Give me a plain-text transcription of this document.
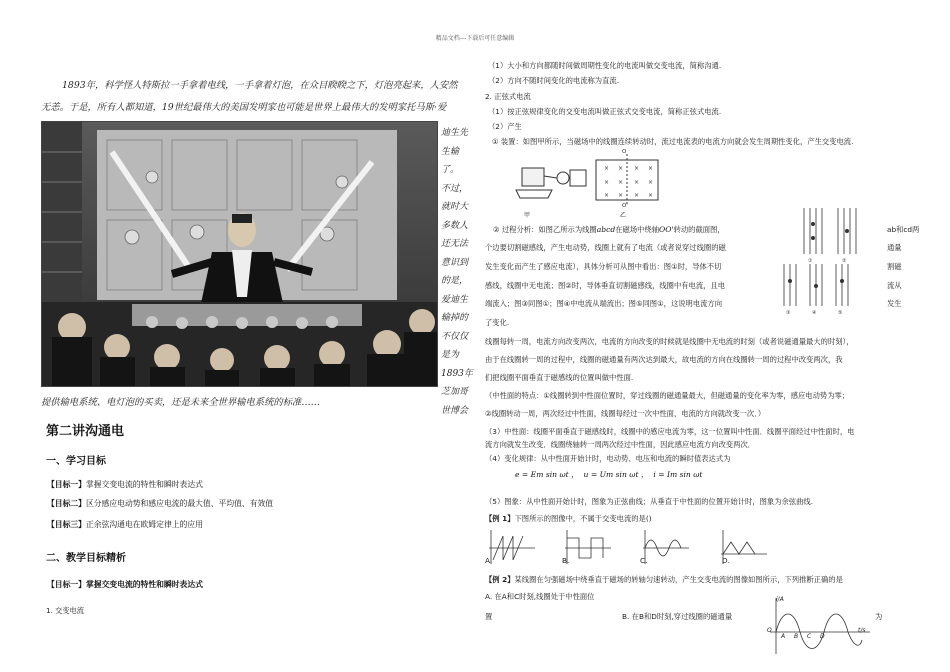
精品文档---下载后可任意编辑
1893年，科学怪人特斯拉一手拿着电线，一手拿着灯泡，在众目睽睽之下，灯泡亮起来，人安然
无恙。于是，所有人都知道，19世纪最伟大的美国发明家也可能是世界上最伟大的发明家托马斯·爱
迪生先
生输了。
不过，
就时大
多数人
还无法
意识到
的是，
爱迪生
输掉的
不仅仅
是为
1893年
芝加哥
世博会
提供输电系统、电灯泡的买卖，还是未来全世界输电系统的标准……
第二讲沟通电
一、学习目标
【目标一】掌握交变电流的特性和瞬时表达式
【目标二】区分感应电动势和感应电流的最大值、平均值、有效值
【目标三】正余弦沟通电在欧姆定律上的应用
二、教学目标精析
【目标一】掌握交变电流的特性和瞬时表达式
1. 交变电流
（1）大小和方向都随时间做周期性变化的电流叫做交变电流，简称沟通.
（2）方向不随时间变化的电流称为直流.
2. 正弦式电流
（1）按正弦规律变化的交变电流叫做正弦式交变电流，简称正弦式电流.
（2）产生
① 装置：如图甲所示，当磁场中的线圈连续转动时，流过电流表的电流方向就会发生周期性变化，产生交变电流.
× × × ×
× × × ×
× × × ×
甲	乙
O
O'
② 过程分析：如图乙所示为线圈abcd在磁场中绕轴OO'转动的截面图，
个边要切割磁感线，产生电动势，线圈上就有了电流（或者说穿过线圈的磁
发生变化而产生了感应电流），具体分析可从图中看出：图①时，导体不切
感线，线圈中无电流；图②时，导体垂直切割磁感线，线圈中有电流，且电
端流入；图③同图①；图④中电流从端流出；图⑤同图①，这说明电流方向
了变化.
①	②
③	④	⑤
ab和cd两
通量
割磁
流从
发生
线圈每转一周，电流方向改变两次，电流的方向改变的时候就是线圈中无电流的时刻（或者说磁通量最大的时刻），
由于在线圈转一周的过程中，线圈的磁通量有两次达到最大，故电流的方向在线圈转一周的过程中改变两次，我
们把线圈平面垂直于磁感线的位置叫做中性面.
（中性面的特点：①线圈转到中性面位置时，穿过线圈的磁通量最大，但磁通量的变化率为零，感应电动势为零；
②线圈转动一周，两次经过中性面，线圈每经过一次中性面，电流的方向就改变一次．）
（3）中性面：线圈平面垂直于磁感线时，线圈中的感应电流为零，这一位置叫中性面．线圈平面经过中性面时，电
流方向就发生改变．线圈绕轴转一周两次经过中性面，因此感应电流方向改变两次．
（4）变化规律：从中性面开始计时，电动势、电压和电流的瞬时值表达式为
e = Em sin ωt ，  u = Um sin ωt ，  i = Im sin ωt
（5）图象：从中性面开始计时，图象为正弦曲线；从垂直于中性面的位置开始计时，图象为余弦曲线.
【例 1】下图所示的图像中，不属于交变电流的是()
A.	B.	C.	D.
【例 2】某线圈在匀强磁场中绕垂直于磁场的转轴匀速转动，产生交变电流的图像如图所示，下列推断正确的是
A. 在A和C时刻,线圈处于中性面位
置	B. 在B和D时刻,穿过线圈的磁通量	为
i/A
t/s
O
A B C D
